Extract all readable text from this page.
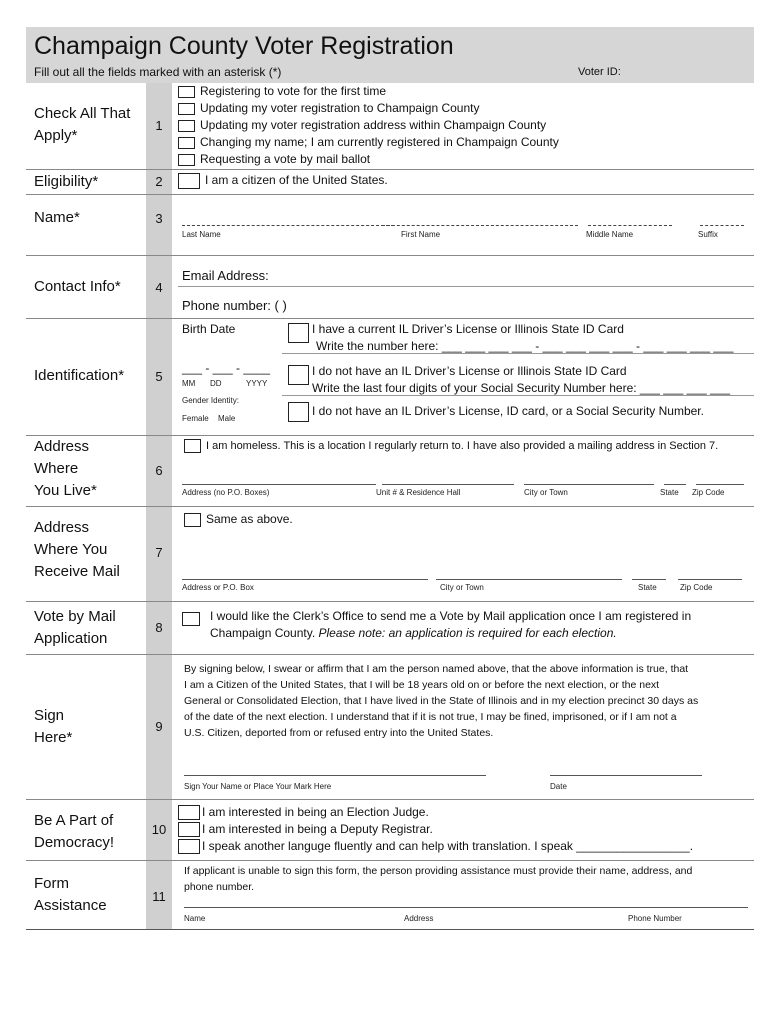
Champaign County Voter Registration
Fill out all the fields marked with an asterisk (*)	Voter ID:
Check All That Apply*
1
Registering to vote for the first time
Updating my voter registration to Champaign County
Updating my voter registration address within Champaign County
Changing my name; I am currently registered in Champaign County
Requesting a vote by mail ballot
Eligibility*	2	I am a citizen of the United States.
Name*	3
Last Name	First Name	Middle Name	Suffix
Contact Info*	4
Email Address:
Phone number: ( )
Identification*	5
Birth Date
___ - ___ - ____
MM DD	YYYY
Gender Identity:
Female Male
I have a current IL Driver’s License or Illinois State ID Card
Write the number here: ___ ___ ___ ___ - ___ ___ ___ ___ - ___ ___ ___ ___
I do not have an IL Driver’s License or Illinois State ID Card
Write the last four digits of your Social Security Number here: ___ ___ ___ ___
I do not have an IL Driver’s License, ID card, or a Social Security Number.
Address
Where
You Live*
6
I am homeless. This is a location I regularly return to. I have also provided a mailing address in Section 7.
Address (no P.O. Boxes)	Unit # & Residence Hall	City or Town	State Zip Code
Address
Where You
Receive Mail
7
Same as above.
Address or P.O. Box	City or Town	State	Zip Code
Vote by Mail
Application
8
I would like the Clerk’s Office to send me a Vote by Mail application once I am registered in
Champaign County. Please note: an application is required for each election.
Sign
Here*
9
By signing below, I swear or affirm that I am the person named above, that the above information is true, that
I am a Citizen of the United States, that I will be 18 years old on or before the next election, or the next
General or Consolidated Election, that I have lived in the State of Illinois and in my election precinct 30 days as
of the date of the next election. I understand that if it is not true, I may be fined, imprisoned, or if I am not a
U.S. Citizen, deported from or refused entry into the United States.
Sign Your Name or Place Your Mark Here	Date
Be A Part of
Democracy!
10
I am interested in being an Election Judge.
I am interested in being a Deputy Registrar.
I speak another languge fluently and can help with translation. I speak _________________.
Form
Assistance
11
If applicant is unable to sign this form, the person providing assistance must provide their name, address, and
phone number.
Name	Address	Phone Number
